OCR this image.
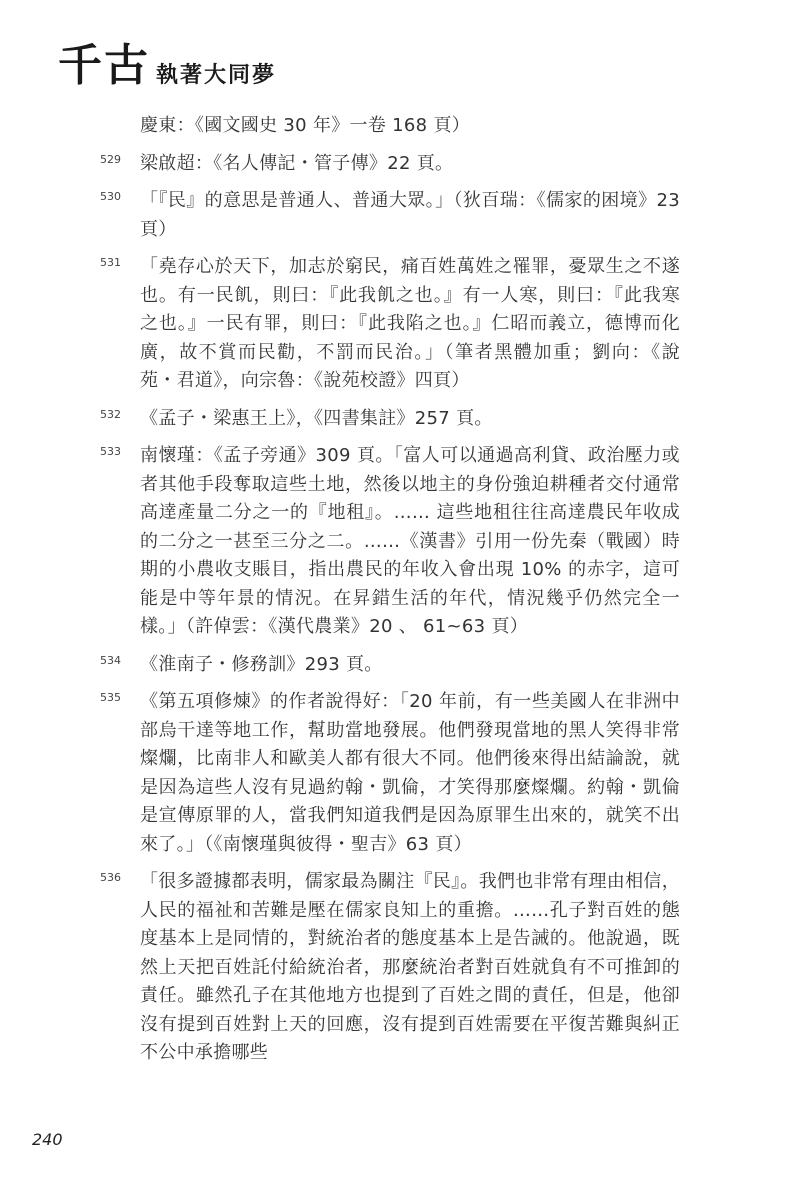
千古 執著大同夢
慶東：《國文國史 30 年》一卷 168 頁）
529 梁啟超：《名人傳記・管子傳》22 頁。
530 「『民』的意思是普通人、普通大眾。」（狄百瑞：《儒家的困境》23 頁）
531 「堯存心於天下，加志於窮民，痛百姓萬姓之罹罪，憂眾生之不遂也。有一民飢，則曰：『此我飢之也。』有一人寒，則曰：『此我寒之也。』一民有罪，則曰：『此我陷之也。』仁昭而義立，德博而化廣，故不賞而民勸，不罰而民治。」（筆者黑體加重；劉向：《說苑・君道》，向宗魯：《說苑校證》四頁）
532 《孟子・梁惠王上》，《四書集註》257 頁。
533 南懷瑾：《孟子旁通》309 頁。「富人可以通過高利貸、政治壓力或者其他手段奪取這些土地，然後以地主的身份強迫耕種者交付通常高達產量二分之一的『地租』。…… 這些地租往往高達農民年收成的二分之一甚至三分之二。……《漢書》引用一份先秦（戰國）時期的小農收支賬目，指出農民的年收入會出現 10% 的赤字，這可能是中等年景的情況。在昇錯生活的年代，情況幾乎仍然完全一樣。」（許倬雲：《漢代農業》20 、 61~63 頁）
534 《淮南子・修務訓》293 頁。
535 《第五項修煉》的作者說得好：「20 年前，有一些美國人在非洲中部烏干達等地工作，幫助當地發展。他們發現當地的黑人笑得非常燦爛，比南非人和歐美人都有很大不同。他們後來得出結論說，就是因為這些人沒有見過約翰・凱倫，才笑得那麼燦爛。約翰・凱倫是宣傳原罪的人，當我們知道我們是因為原罪生出來的，就笑不出來了。」（《南懷瑾與彼得・聖吉》63 頁）
536 「很多證據都表明，儒家最為關注『民』。我們也非常有理由相信，人民的福祉和苦難是壓在儒家良知上的重擔。……孔子對百姓的態度基本上是同情的，對統治者的態度基本上是告誡的。他說過，既然上天把百姓託付給統治者，那麼統治者對百姓就負有不可推卸的責任。雖然孔子在其他地方也提到了百姓之間的責任，但是，他卻沒有提到百姓對上天的回應，沒有提到百姓需要在平復苦難與糾正不公中承擔哪些
240
